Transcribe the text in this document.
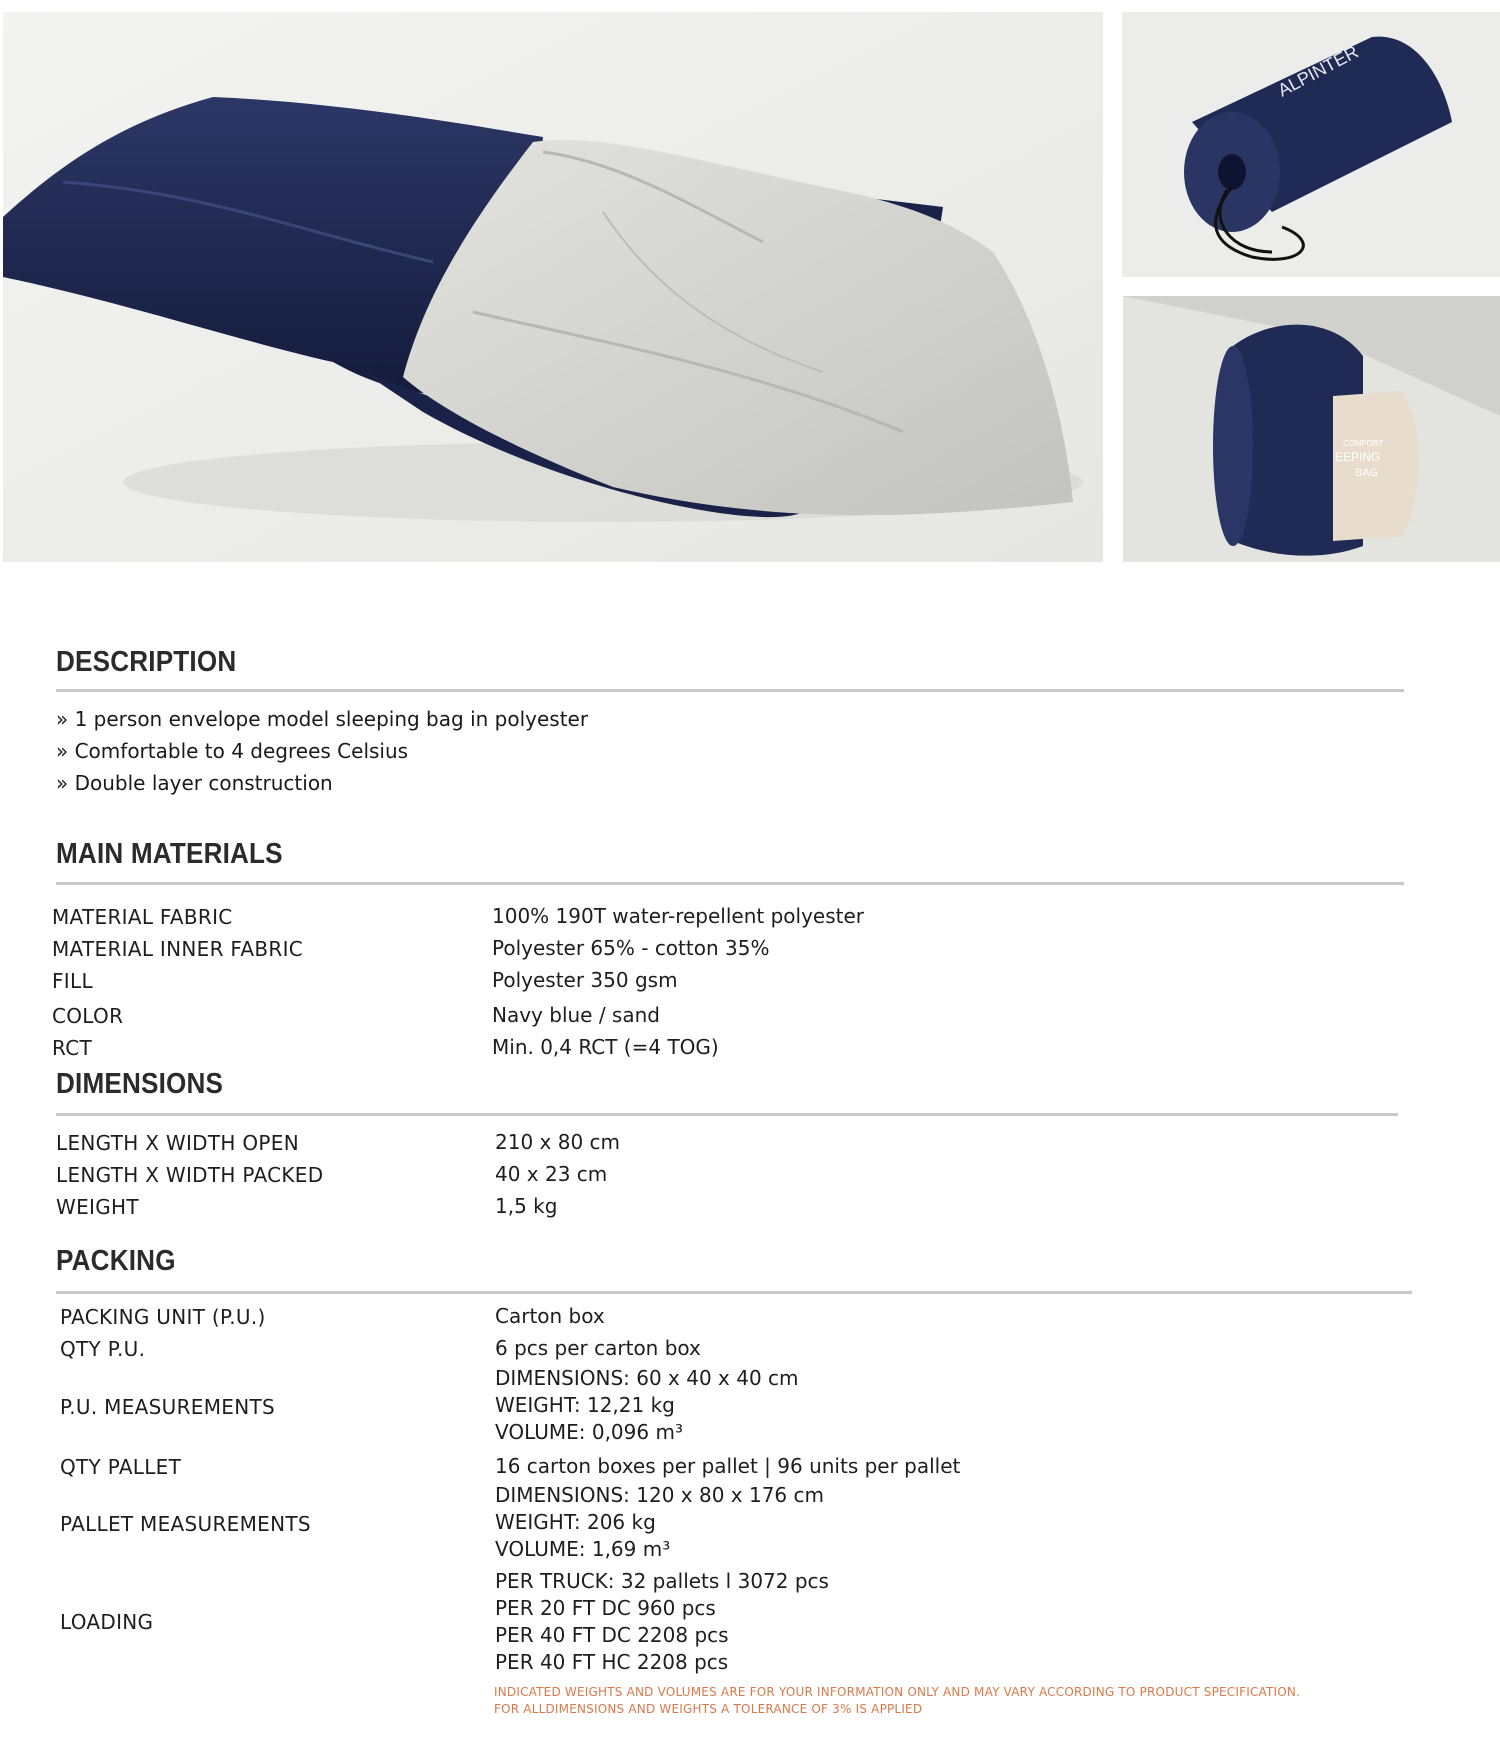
ALPINTER
COMFORT
EEPING
BAG
DESCRIPTION
» 1 person envelope model sleeping bag in polyester
» Comfortable to 4 degrees Celsius
» Double layer construction
MAIN MATERIALS
MATERIAL FABRIC	100% 190T water-repellent polyester
MATERIAL INNER FABRIC	Polyester 65% - cotton 35%
FILL	Polyester 350 gsm
COLOR	Navy blue / sand
RCT	Min. 0,4 RCT (=4 TOG)
DIMENSIONS
LENGTH X WIDTH OPEN	210 x 80 cm
LENGTH X WIDTH PACKED	40 x 23 cm
WEIGHT	1,5 kg
PACKING
PACKING UNIT (P.U.)	Carton box
QTY P.U.	6 pcs per carton box
P.U. MEASUREMENTS
DIMENSIONS: 60 x 40 x 40 cm
WEIGHT: 12,21 kg
VOLUME: 0,096 m³
QTY PALLET	16 carton boxes per pallet | 96 units per pallet
PALLET MEASUREMENTS
DIMENSIONS: 120 x 80 x 176 cm
WEIGHT: 206 kg
VOLUME: 1,69 m³
LOADING
PER TRUCK: 32 pallets l 3072 pcs
PER 20 FT DC 960 pcs
PER 40 FT DC 2208 pcs
PER 40 FT HC 2208 pcs
INDICATED WEIGHTS AND VOLUMES ARE FOR YOUR INFORMATION ONLY AND MAY VARY ACCORDING TO PRODUCT SPECIFICATION.
FOR ALLDIMENSIONS AND WEIGHTS A TOLERANCE OF 3% IS APPLIED
